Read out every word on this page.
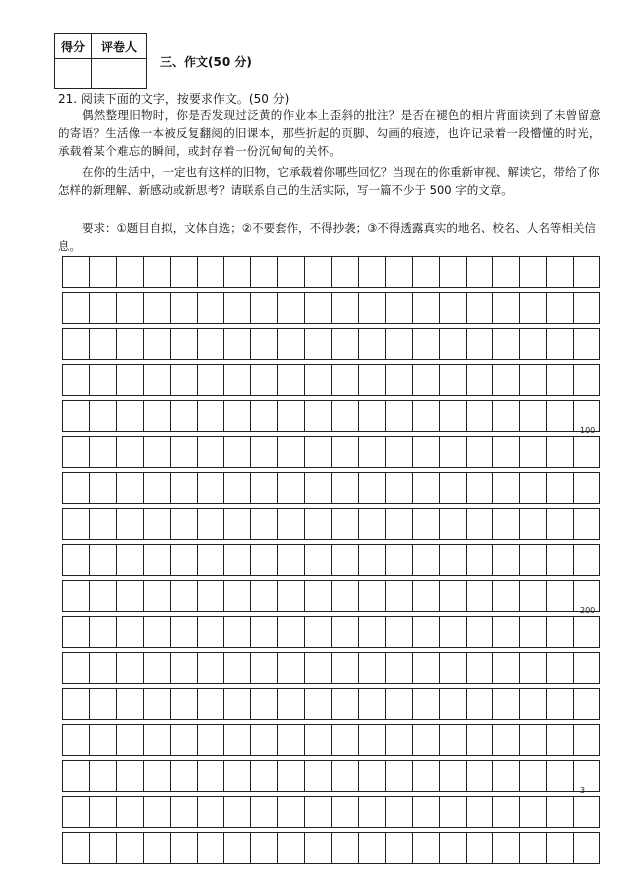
得分	评卷人

三、作文(50 分)
21. 阅读下面的文字，按要求作文。(50 分)

偶然整理旧物时，你是否发现过泛黄的作业本上歪斜的批注？是否在褪色的相片背面读到了未曾留意的寄语？生活像一本被反复翻阅的旧课本，那些折起的页脚、勾画的痕迹，也许记录着一段懵懂的时光，承载着某个难忘的瞬间，或封存着一份沉甸甸的关怀。

在你的生活中，一定也有这样的旧物，它承载着你哪些回忆？当现在的你重新审视、解读它，带给了你怎样的新理解、新感动或新思考？请联系自己的生活实际，写一篇不少于 500 字的文章。

要求：①题目自拟，文体自选；②不要套作，不得抄袭；③不得透露真实的地名、校名、人名等相关信息。

100
200
3
